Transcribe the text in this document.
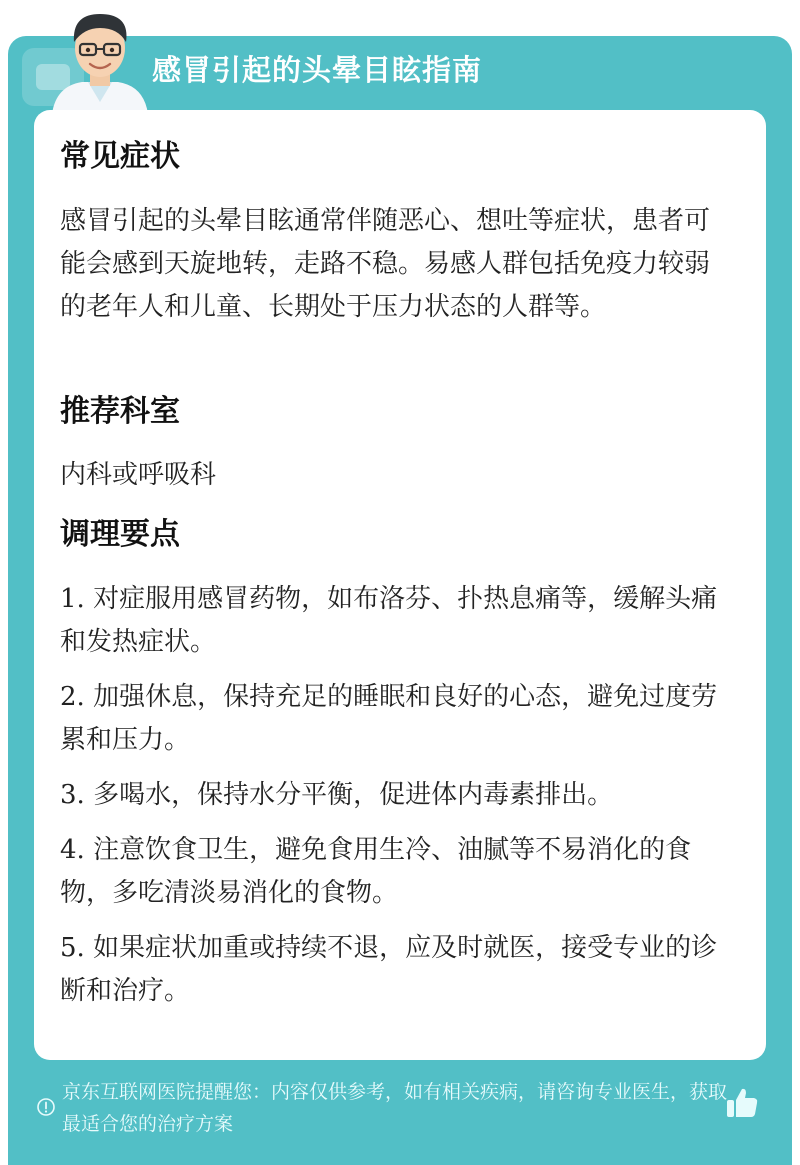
感冒引起的头晕目眩指南

常见症状

感冒引起的头晕目眩通常伴随恶心、想吐等症状，患者可能会感到天旋地转，走路不稳。易感人群包括免疫力较弱的老年人和儿童、长期处于压力状态的人群等。

推荐科室

内科或呼吸科

调理要点

1. 对症服用感冒药物，如布洛芬、扑热息痛等，缓解头痛和发热症状。

2. 加强休息，保持充足的睡眠和良好的心态，避免过度劳累和压力。

3. 多喝水，保持水分平衡，促进体内毒素排出。

4. 注意饮食卫生，避免食用生冷、油腻等不易消化的食物，多吃清淡易消化的食物。

5. 如果症状加重或持续不退，应及时就医，接受专业的诊断和治疗。

京东互联网医院提醒您：内容仅供参考，如有相关疾病，请咨询专业医生，获取最适合您的治疗方案
